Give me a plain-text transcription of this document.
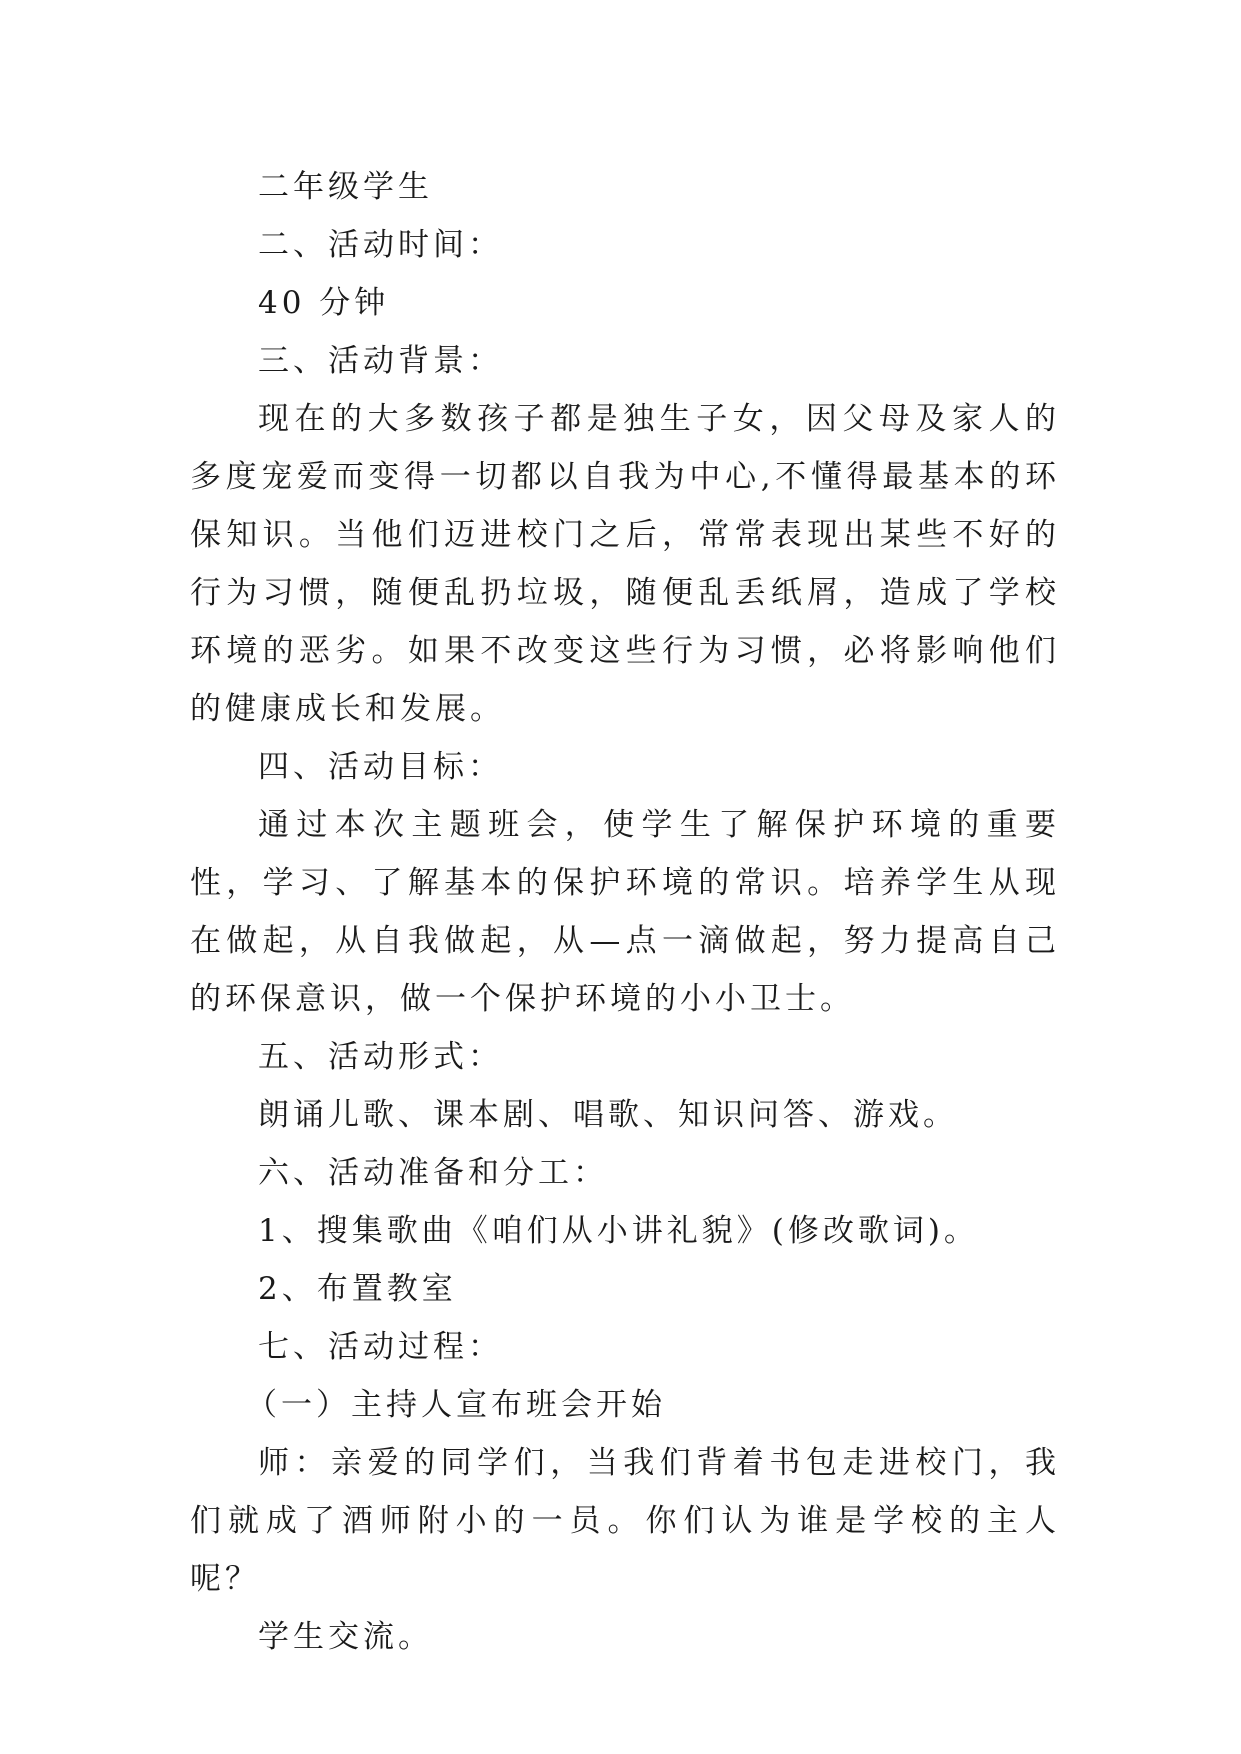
二年级学生

二、活动时间：

40 分钟

三、活动背景：

现在的大多数孩子都是独生子女，因父母及家人的多度宠爱而变得一切都以自我为中心,不懂得最基本的环保知识。当他们迈进校门之后，常常表现出某些不好的行为习惯，随便乱扔垃圾，随便乱丢纸屑，造成了学校环境的恶劣。如果不改变这些行为习惯，必将影响他们的健康成长和发展。

四、活动目标：

通过本次主题班会，使学生了解保护环境的重要性，学习、了解基本的保护环境的常识。培养学生从现在做起，从自我做起，从—点一滴做起，努力提高自己的环保意识，做一个保护环境的小小卫士。

五、活动形式：

朗诵儿歌、课本剧、唱歌、知识问答、游戏。

六、活动准备和分工：

1、搜集歌曲《咱们从小讲礼貌》(修改歌词)。

2、布置教室

七、活动过程：

（一）主持人宣布班会开始

师：亲爱的同学们，当我们背着书包走进校门，我们就成了酒师附小的一员。你们认为谁是学校的主人呢？

学生交流。
